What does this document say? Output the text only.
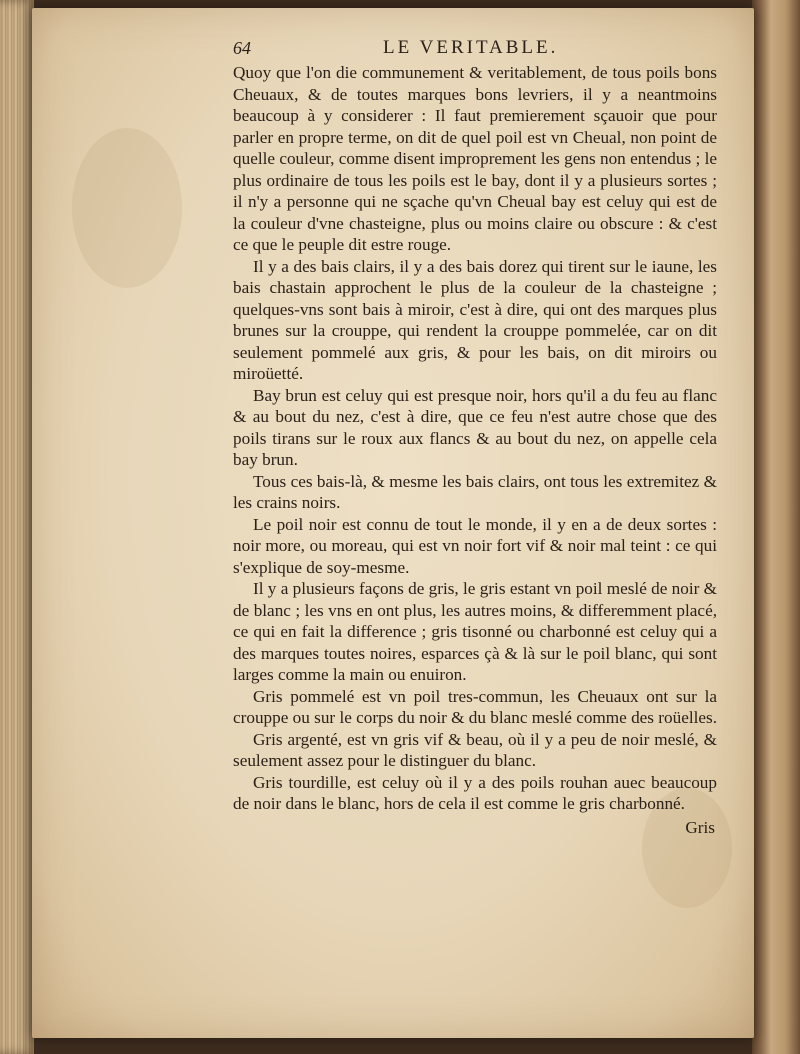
64	LE VERITABLE.

Quoy que l'on die communement & veritablement, de tous poils bons Cheuaux, & de toutes marques bons levriers, il y a neantmoins beaucoup à y considerer : Il faut premierement sçauoir que pour parler en propre terme, on dit de quel poil est vn Cheual, non point de quelle couleur, comme disent improprement les gens non entendus ; le plus ordinaire de tous les poils est le bay, dont il y a plusieurs sortes ; il n'y a personne qui ne sçache qu'vn Cheual bay est celuy qui est de la couleur d'vne chasteigne, plus ou moins claire ou obscure : & c'est ce que le peuple dit estre rouge.

Il y a des bais clairs, il y a des bais dorez qui tirent sur le iaune, les bais chastain approchent le plus de la couleur de la chasteigne ; quelques-vns sont bais à miroir, c'est à dire, qui ont des marques plus brunes sur la crouppe, qui rendent la crouppe pommelée, car on dit seulement pommelé aux gris, & pour les bais, on dit miroirs ou miroüetté.

Bay brun est celuy qui est presque noir, hors qu'il a du feu au flanc & au bout du nez, c'est à dire, que ce feu n'est autre chose que des poils tirans sur le roux aux flancs & au bout du nez, on appelle cela bay brun.

Tous ces bais-là, & mesme les bais clairs, ont tous les extremitez & les crains noirs.

Le poil noir est connu de tout le monde, il y en a de deux sortes : noir more, ou moreau, qui est vn noir fort vif & noir mal teint : ce qui s'explique de soy-mesme.

Il y a plusieurs façons de gris, le gris estant vn poil meslé de noir & de blanc ; les vns en ont plus, les autres moins, & differemment placé, ce qui en fait la difference ; gris tisonné ou charbonné est celuy qui a des marques toutes noires, esparces çà & là sur le poil blanc, qui sont larges comme la main ou enuiron.

Gris pommelé est vn poil tres-commun, les Cheuaux ont sur la crouppe ou sur le corps du noir & du blanc meslé comme des roüelles.

Gris argenté, est vn gris vif & beau, où il y a peu de noir meslé, & seulement assez pour le distinguer du blanc.

Gris tourdille, est celuy où il y a des poils rouhan auec beaucoup de noir dans le blanc, hors de cela il est comme le gris charbonné.

Gris
